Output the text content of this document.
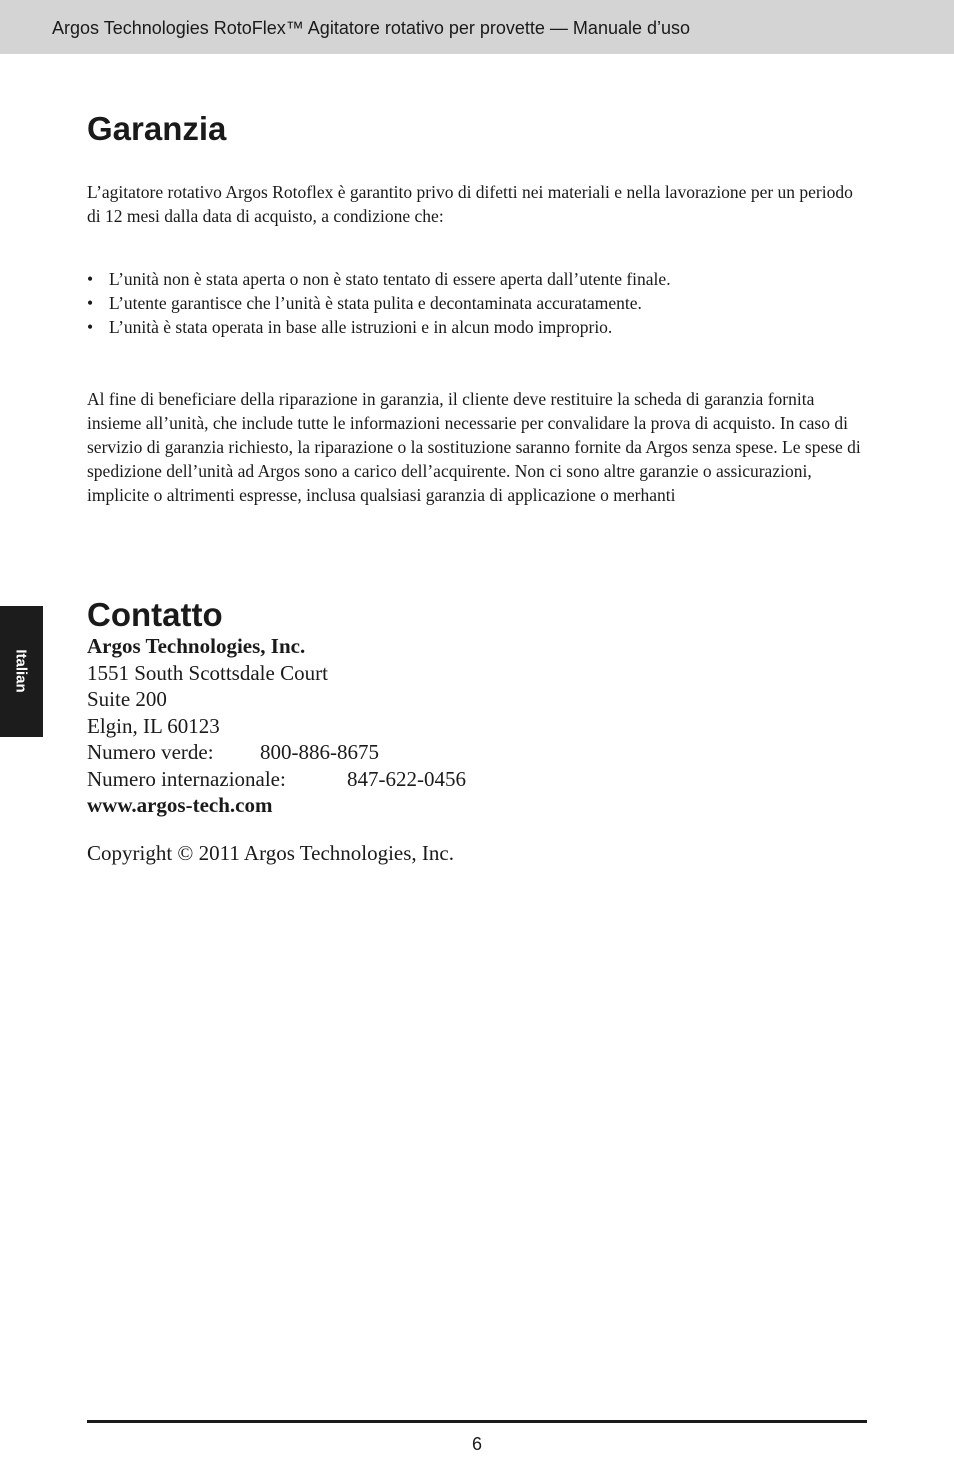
Argos Technologies RotoFlex™ Agitatore rotativo per provette — Manuale d’uso
Italian
Garanzia

L’agitatore rotativo Argos Rotoflex è garantito privo di difetti nei materiali e nella lavorazione per un periodo di 12 mesi dalla data di acquisto, a condizione che:

• L’unità non è stata aperta o non è stato tentato di essere aperta dall’utente finale.
• L’utente garantisce che l’unità è stata pulita e decontaminata accuratamente.
• L’unità è stata operata in base alle istruzioni e in alcun modo improprio.

Al fine di beneficiare della riparazione in garanzia, il cliente deve restituire la scheda di garanzia fornita insieme all’unità, che include tutte le informazioni necessarie per convalidare la prova di acquisto. In caso di servizio di garanzia richiesto, la riparazione o la sostituzione saranno fornite da Argos senza spese. Le spese di spedizione dell’unità ad Argos sono a carico dell’acquirente. Non ci sono altre garanzie o assicurazioni, implicite o altrimenti espresse, inclusa qualsiasi garanzia di applicazione o merhanti

Contatto
Argos Technologies, Inc.
1551 South Scottsdale Court
Suite 200
Elgin, IL 60123
Numero verde: 800-886-8675
Numero internazionale:	847-622-0456
www.argos-tech.com
Copyright © 2011 Argos Technologies, Inc.
6
